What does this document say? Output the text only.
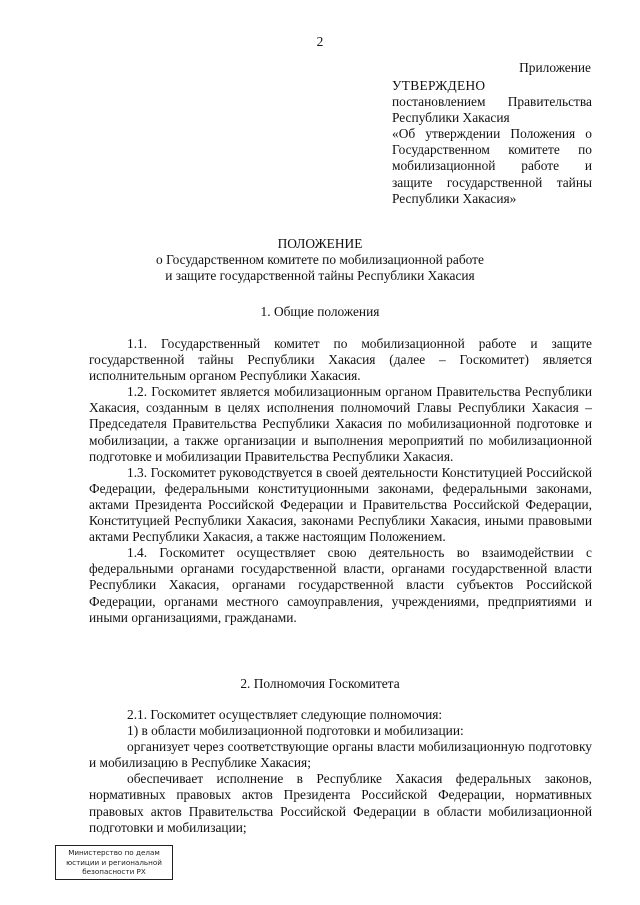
2
Приложение
УТВЕРЖДЕНО
постановлением Правительства
Республики Хакасия
«Об утверждении Положения о
Государственном комитете по
мобилизационной работе и
защите государственной тайны
Республики Хакасия»
ПОЛОЖЕНИЕ
о Государственном комитете по мобилизационной работе
и защите государственной тайны Республики Хакасия
1. Общие положения

1.1. Государственный комитет по мобилизационной работе и защите государственной тайны Республики Хакасия (далее – Госкомитет) является исполнительным органом Республики Хакасия.

1.2. Госкомитет является мобилизационным органом Правительства Республики Хакасия, созданным в целях исполнения полномочий Главы Республики Хакасия – Председателя Правительства Республики Хакасия по мобилизационной подготовке и мобилизации, а также организации и выполнения мероприятий по мобилизационной подготовке и мобилизации Правительства Республики Хакасия.

1.3. Госкомитет руководствуется в своей деятельности Конституцией Российской Федерации, федеральными конституционными законами, федеральными законами, актами Президента Российской Федерации и Правительства Российской Федерации, Конституцией Республики Хакасия, законами Республики Хакасия, иными правовыми актами Республики Хакасия, а также настоящим Положением.

1.4. Госкомитет осуществляет свою деятельность во взаимодействии с федеральными органами государственной власти, органами государственной власти Республики Хакасия, органами государственной власти субъектов Российской Федерации, органами местного самоуправления, учреждениями, предприятиями и иными организациями, гражданами.

2. Полномочия Госкомитета

2.1. Госкомитет осуществляет следующие полномочия:

1) в области мобилизационной подготовки и мобилизации:

организует через соответствующие органы власти мобилизационную подготовку и мобилизацию в Республике Хакасия;

обеспечивает исполнение в Республике Хакасия федеральных законов, нормативных правовых актов Президента Российской Федерации, нормативных правовых актов Правительства Российской Федерации в области мобилизационной подготовки и мобилизации;

Министерство по делам
юстиции и региональной
безопасности РХ
